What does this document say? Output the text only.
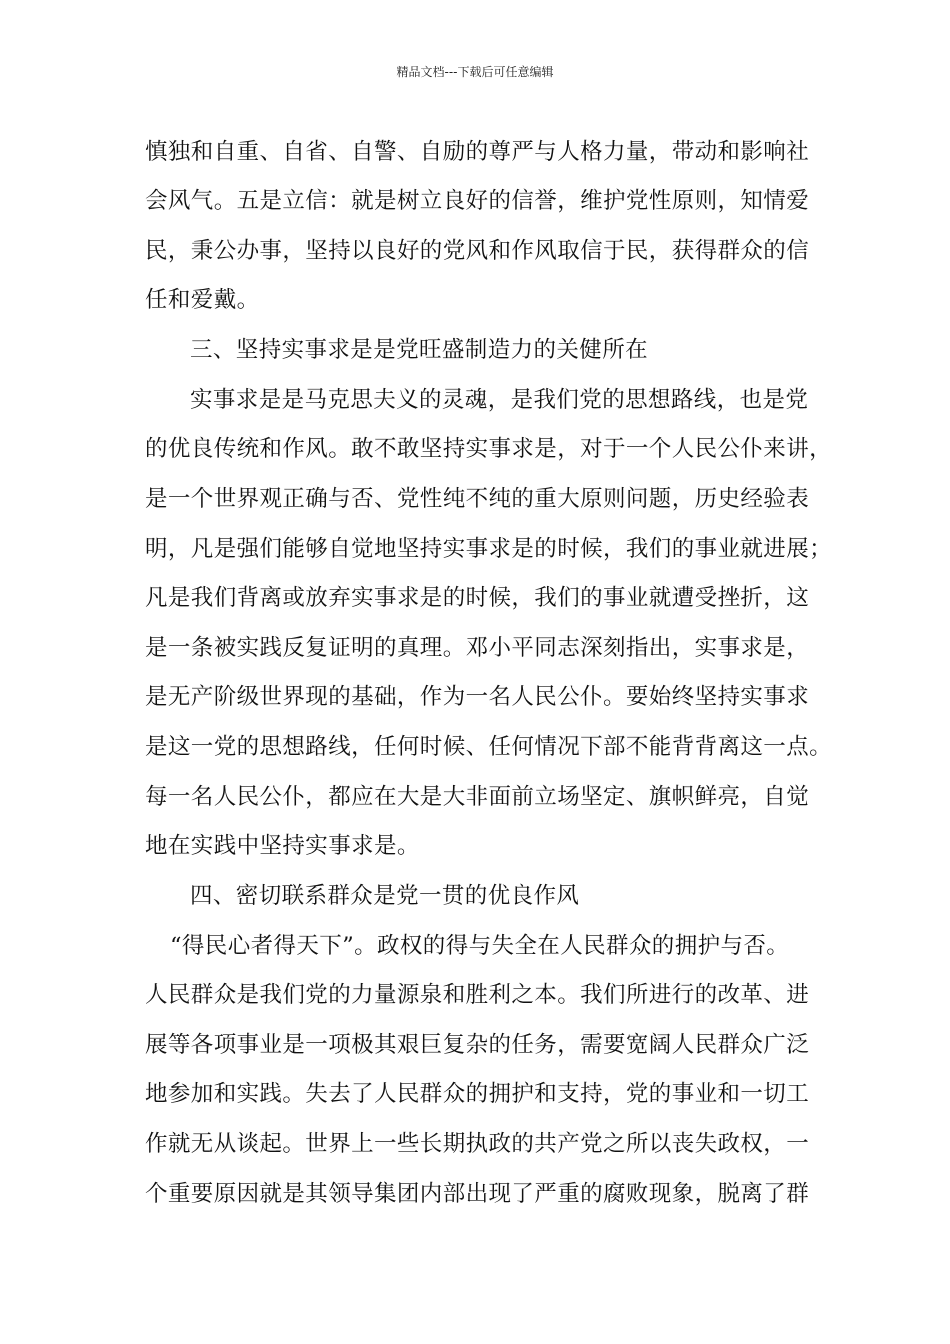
精品文档---下载后可任意编辑
慎独和自重、自省、自警、自励的尊严与人格力量，带动和影响社
会风气。五是立信：就是树立良好的信誉，维护党性原则，知情爱
民，秉公办事，坚持以良好的党风和作风取信于民，获得群众的信
任和爱戴。
三、坚持实事求是是党旺盛制造力的关健所在
实事求是是马克思夫义的灵魂，是我们党的思想路线，也是党
的优良传统和作风。敢不敢坚持实事求是，对于一个人民公仆来讲，
是一个世界观正确与否、党性纯不纯的重大原则问题，历史经验表
明，凡是强们能够自觉地坚持实事求是的时候，我们的事业就进展；
凡是我们背离或放弃实事求是的时候，我们的事业就遭受挫折，这
是一条被实践反复证明的真理。邓小平同志深刻指出，实事求是，
是无产阶级世界现的基础，作为一名人民公仆。要始终坚持实事求
是这一党的思想路线，任何时候、任何情况下部不能背背离这一点。
每一名人民公仆，都应在大是大非面前立场坚定、旗帜鲜亮，自觉
地在实践中坚持实事求是。
四、密切联系群众是党一贯的优良作风
“得民心者得天下”。政权的得与失全在人民群众的拥护与否。
人民群众是我们党的力量源泉和胜利之本。我们所进行的改革、进
展等各项事业是一项极其艰巨复杂的任务，需要宽阔人民群众广泛
地参加和实践。失去了人民群众的拥护和支持，党的事业和一切工
作就无从谈起。世界上一些长期执政的共产党之所以丧失政权，一
个重要原因就是其领导集团内部出现了严重的腐败现象，脱离了群
